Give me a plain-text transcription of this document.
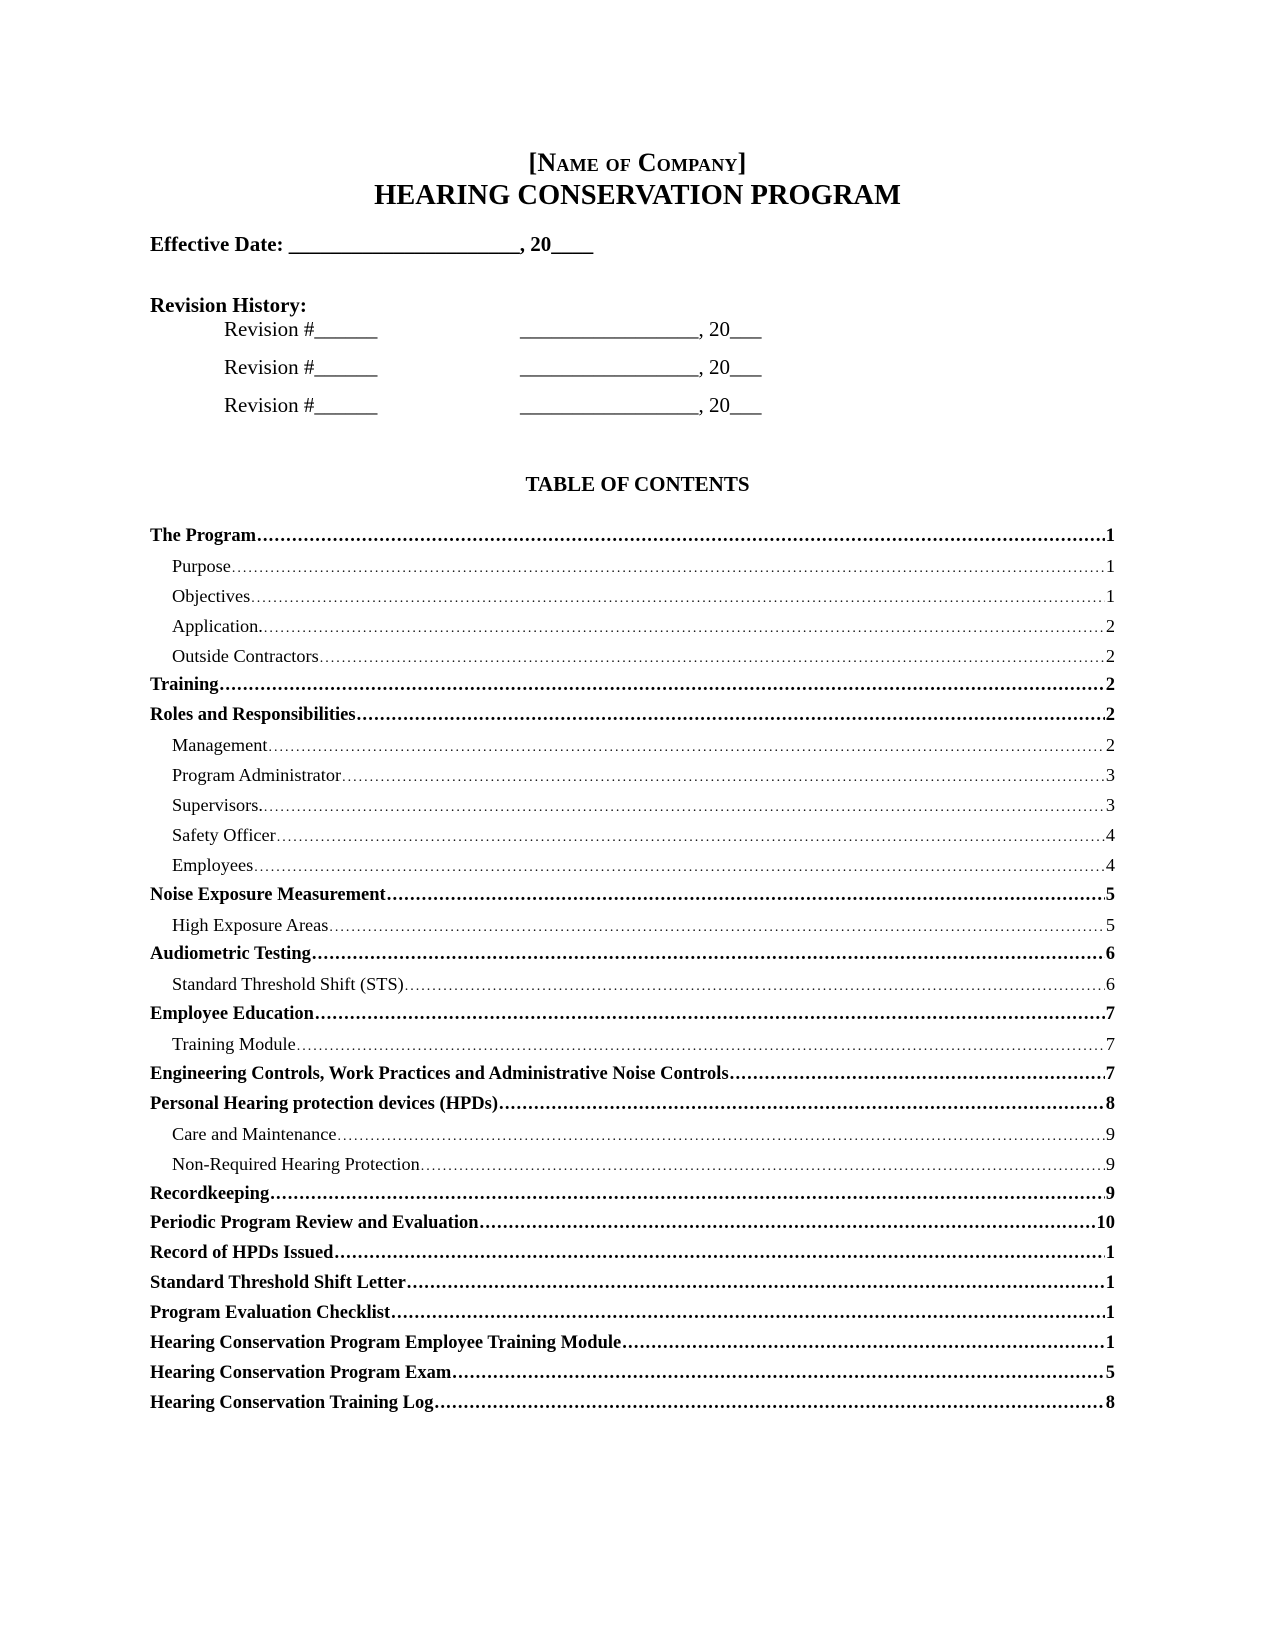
[Name of Company]
HEARING CONSERVATION PROGRAM
Effective Date: ______________________, 20____
Revision History:
Revision #______	_________________, 20___
Revision #______	_________________, 20___
Revision #______	_________________, 20___
TABLE OF CONTENTS
The Program .....	1
Purpose .....	1
Objectives .....	1
Application. .....	2
Outside Contractors .....	2
Training .....	2
Roles and Responsibilities .....	2
Management .....	2
Program Administrator .....	3
Supervisors. .....	3
Safety Officer .....	4
Employees .....	4
Noise Exposure Measurement .....	5
High Exposure Areas .....	5
Audiometric Testing .....	6
Standard Threshold Shift (STS) .....	6
Employee Education .....	7
Training Module .....	7
Engineering Controls, Work Practices and Administrative Noise Controls .....	7
Personal Hearing protection devices (HPDs) .....	8
Care and Maintenance .....	9
Non-Required Hearing Protection .....	9
Recordkeeping .....	9
Periodic Program Review and Evaluation .....	10
Record of HPDs Issued .....	1
Standard Threshold Shift Letter .....	1
Program Evaluation Checklist .....	1
Hearing Conservation Program Employee Training Module .....	1
Hearing Conservation Program Exam .....	5
Hearing Conservation Training Log .....	8
